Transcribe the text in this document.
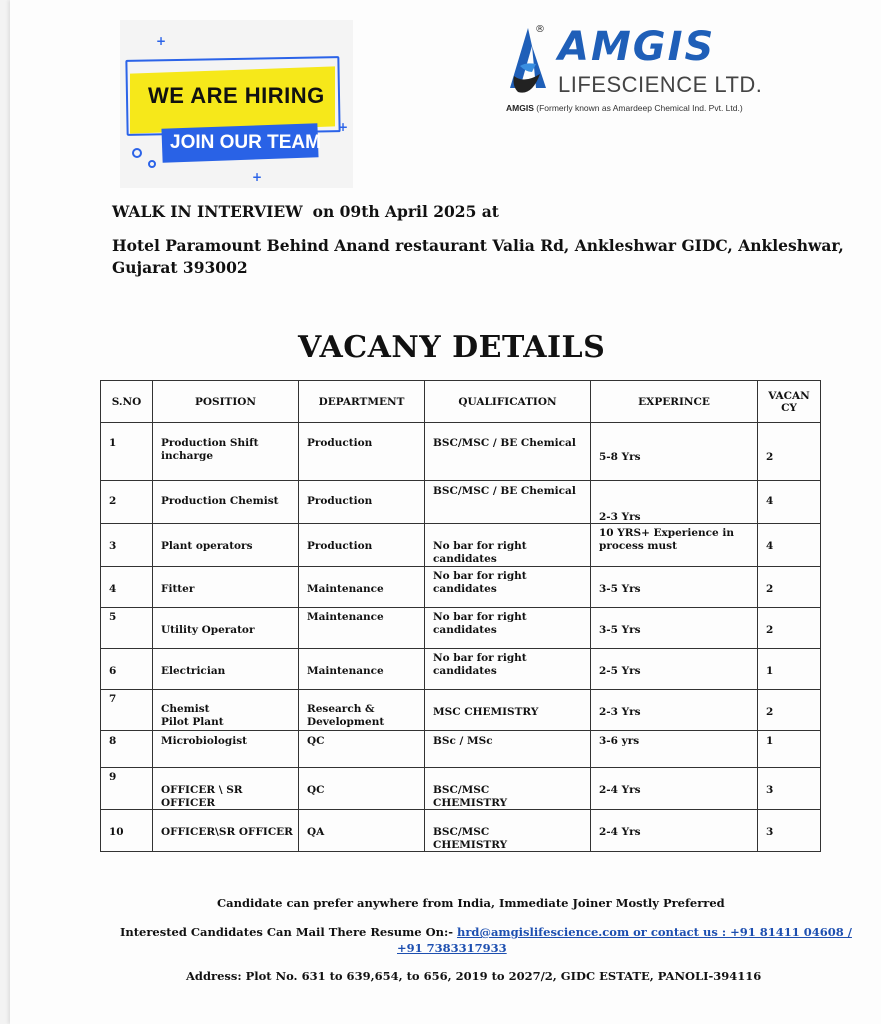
WE ARE HIRING
JOIN OUR TEAM
+
+
+
® AMGIS
LIFESCIENCE LTD.
AMGIS (Formerly known as Amardeep Chemical Ind. Pvt. Ltd.)
WALK IN INTERVIEW on 09th April 2025 at
Hotel Paramount Behind Anand restaurant Valia Rd, Ankleshwar GIDC, Ankleshwar,
Gujarat 393002
VACANY DETAILS
S.NO	POSITION	DEPARTMENT	QUALIFICATION	EXPERINCE	VACAN
CY

1	Production Shift
incharge	Production	BSC/MSC / BE Chemical	5-8 Yrs	2

2	Production Chemist	Production	BSC/MSC / BE Chemical	2-3 Yrs	4

3	Plant operators	Production	No bar for right candidates	10 YRS+ Experience in
process must	4

4	Fitter	Maintenance	No bar for right candidates	3-5 Yrs	2

5	Utility Operator	Maintenance	No bar for right candidates	3-5 Yrs	2

6	Electrician	Maintenance	No bar for right candidates	2-5 Yrs	1

7	Chemist
Pilot Plant	Research &
Development	MSC CHEMISTRY	2-3 Yrs	2

8	Microbiologist	QC	BSc / MSc	3-6 yrs	1

9	OFFICER \ SR
OFFICER	QC	BSC/MSC
CHEMISTRY	2-4 Yrs	3

10	OFFICER\SR OFFICER	QA	BSC/MSC
CHEMISTRY	2-4 Yrs	3
Candidate can prefer anywhere from India, Immediate Joiner Mostly Preferred
Interested Candidates Can Mail There Resume On:- hrd@amgislifescience.com or contact us : +91 81411 04608 /
+91 7383317933
Address: Plot No. 631 to 639,654, to 656, 2019 to 2027/2, GIDC ESTATE, PANOLI-394116
